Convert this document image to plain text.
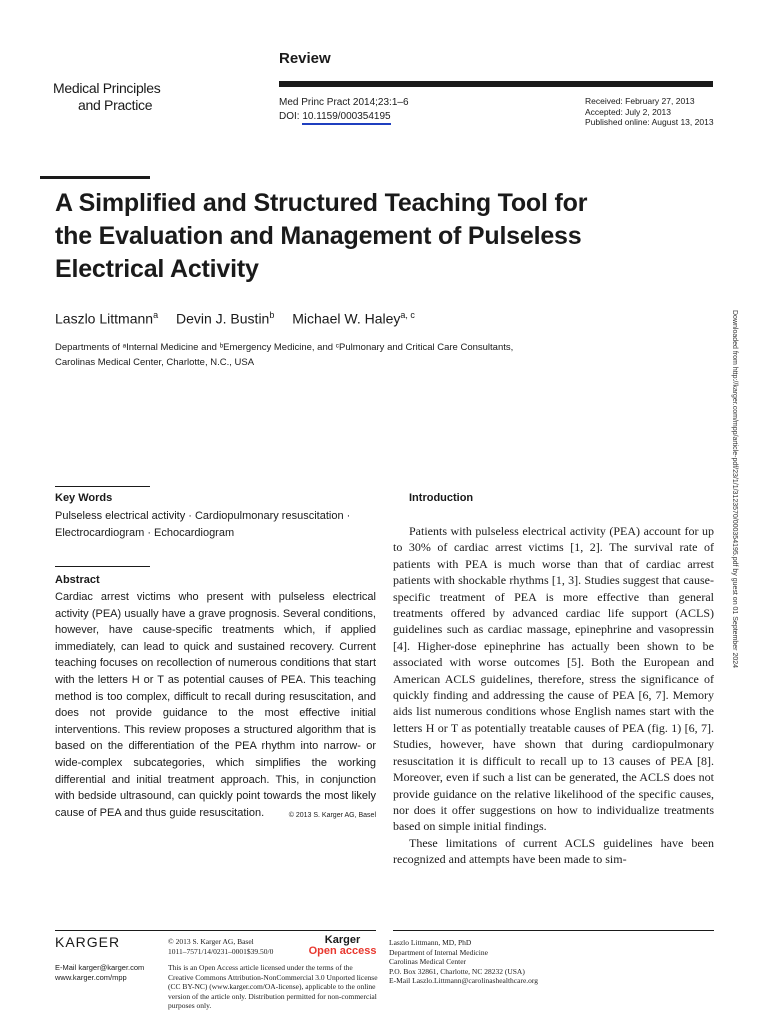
Review
Medical Principles
and Practice	Med Princ Pract 2014;23:1–6
DOI: 10.1159/000354195
Received: February 27, 2013
Accepted: July 2, 2013
Published online: August 13, 2013
A Simplified and Structured Teaching Tool for the Evaluation and Management of Pulseless Electrical Activity
Laszlo Littmann$^a$ Devin J. Bustin$^b$ Michael W. Haley$^{a, c}$
Departments of ᵃInternal Medicine and ᵇEmergency Medicine, and ᶜPulmonary and Critical Care Consultants,
Carolinas Medical Center, Charlotte, N.C., USA	Downloaded from http://karger.com/mpp/article-pdf/23/1/1/3123570/000354195.pdf by guest on 01 September 2024
Key Words
Pulseless electrical activity · Cardiopulmonary resuscitation · Electrocardiogram · Echocardiogram
Abstract
Cardiac arrest victims who present with pulseless electrical activity (PEA) usually have a grave prognosis. Several conditions, however, have cause-specific treatments which, if applied immediately, can lead to quick and sustained recovery. Current teaching focuses on recollection of numerous conditions that start with the letters H or T as potential causes of PEA. This teaching method is too complex, difficult to recall during resuscitation, and does not provide guidance to the most effective initial interventions. This review proposes a structured algorithm that is based on the differentiation of the PEA rhythm into narrow- or wide-complex subcategories, which simplifies the working differential and initial treatment approach. This, in conjunction with bedside ultrasound, can quickly point towards the most likely cause of PEA and thus guide resuscitation.	© 2013 S. Karger AG, Basel
Introduction

Patients with pulseless electrical activity (PEA) account for up to 30% of cardiac arrest victims [1, 2]. The survival rate of patients with PEA is much worse than that of cardiac arrest patients with shockable rhythms [1, 3]. Studies suggest that cause-specific treatment of PEA is more effective than general treatments offered by advanced cardiac life support (ACLS) guidelines such as cardiac massage, epinephrine and vasopressin [4]. Higher-dose epinephrine has actually been shown to be associated with worse outcomes [5]. Both the European and American ACLS guidelines, therefore, stress the significance of quickly finding and addressing the cause of PEA [6, 7]. Memory aids list numerous conditions whose English names start with the letters H or T as potentially treatable causes of PEA (fig. 1) [6, 7]. Studies, however, have shown that during cardiopulmonary resuscitation it is difficult to recall up to 13 causes of PEA [8]. Moreover, even if such a list can be generated, the ACLS does not provide guidance on the relative likelihood of the specific causes, nor does it offer suggestions on how to individualize treatments based on simple initial findings.

These limitations of current ACLS guidelines have been recognized and attempts have been made to sim-

KARGER
E-Mail karger@karger.com
www.karger.com/mpp
© 2013 S. Karger AG, Basel
1011–7571/14/0231–0001$39.50/0
Karger
Open access
This is an Open Access article licensed under the terms of the Creative Commons Attribution-NonCommercial 3.0 Unported license (CC BY-NC) (www.karger.com/OA-license), applicable to the online version of the article only. Distribution permitted for non-commercial purposes only.
Laszlo Littmann, MD, PhD
Department of Internal Medicine
Carolinas Medical Center
P.O. Box 32861, Charlotte, NC 28232 (USA)
E-Mail Laszlo.Littmann@carolinashealthcare.org
